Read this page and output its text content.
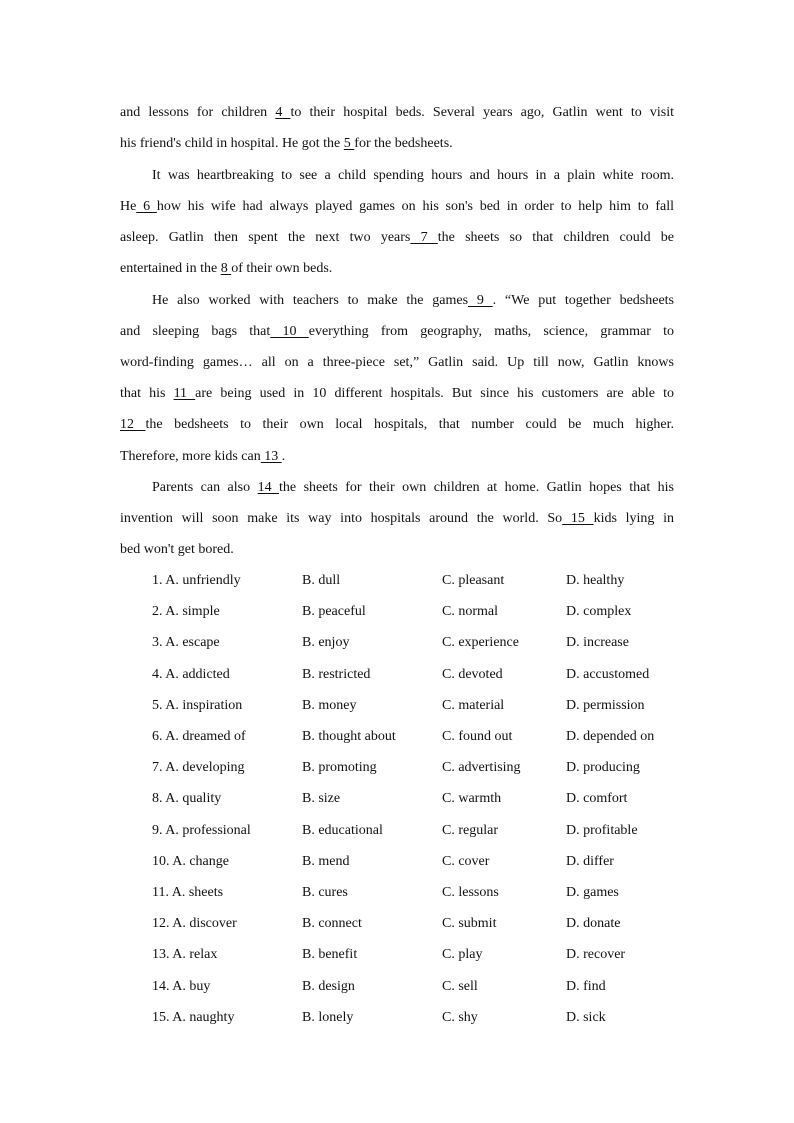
and lessons for children 4 to their hospital beds. Several years ago, Gatlin went to visit
his friend's child in hospital. He got the 5 for the bedsheets.
It was heartbreaking to see a child spending hours and hours in a plain white room.
He 6 how his wife had always played games on his son's bed in order to help him to fall
asleep. Gatlin then spent the next two years 7 the sheets so that children could be
entertained in the 8 of their own beds.
He also worked with teachers to make the games 9 . “We put together bedsheets
and sleeping bags that 10 everything from geography, maths, science, grammar to
word-finding games… all on a three-piece set,” Gatlin said. Up till now, Gatlin knows
that his 11 are being used in 10 different hospitals. But since his customers are able to
12 the bedsheets to their own local hospitals, that number could be much higher.
Therefore, more kids can 13 .
Parents can also 14 the sheets for their own children at home. Gatlin hopes that his
invention will soon make its way into hospitals around the world. So 15 kids lying in
bed won't get bored.
1. A. unfriendly	B. dull	C. pleasant	D. healthy
2. A. simple	B. peaceful	C. normal	D. complex
3. A. escape	B. enjoy	C. experience	D. increase
4. A. addicted	B. restricted	C. devoted	D. accustomed
5. A. inspiration	B. money	C. material	D. permission
6. A. dreamed of	B. thought about	C. found out	D. depended on
7. A. developing	B. promoting	C. advertising	D. producing
8. A. quality	B. size	C. warmth	D. comfort
9. A. professional	B. educational	C. regular	D. profitable
10. A. change	B. mend	C. cover	D. differ
11. A. sheets	B. cures	C. lessons	D. games
12. A. discover	B. connect	C. submit	D. donate
13. A. relax	B. benefit	C. play	D. recover
14. A. buy	B. design	C. sell	D. find
15. A. naughty	B. lonely	C. shy	D. sick
